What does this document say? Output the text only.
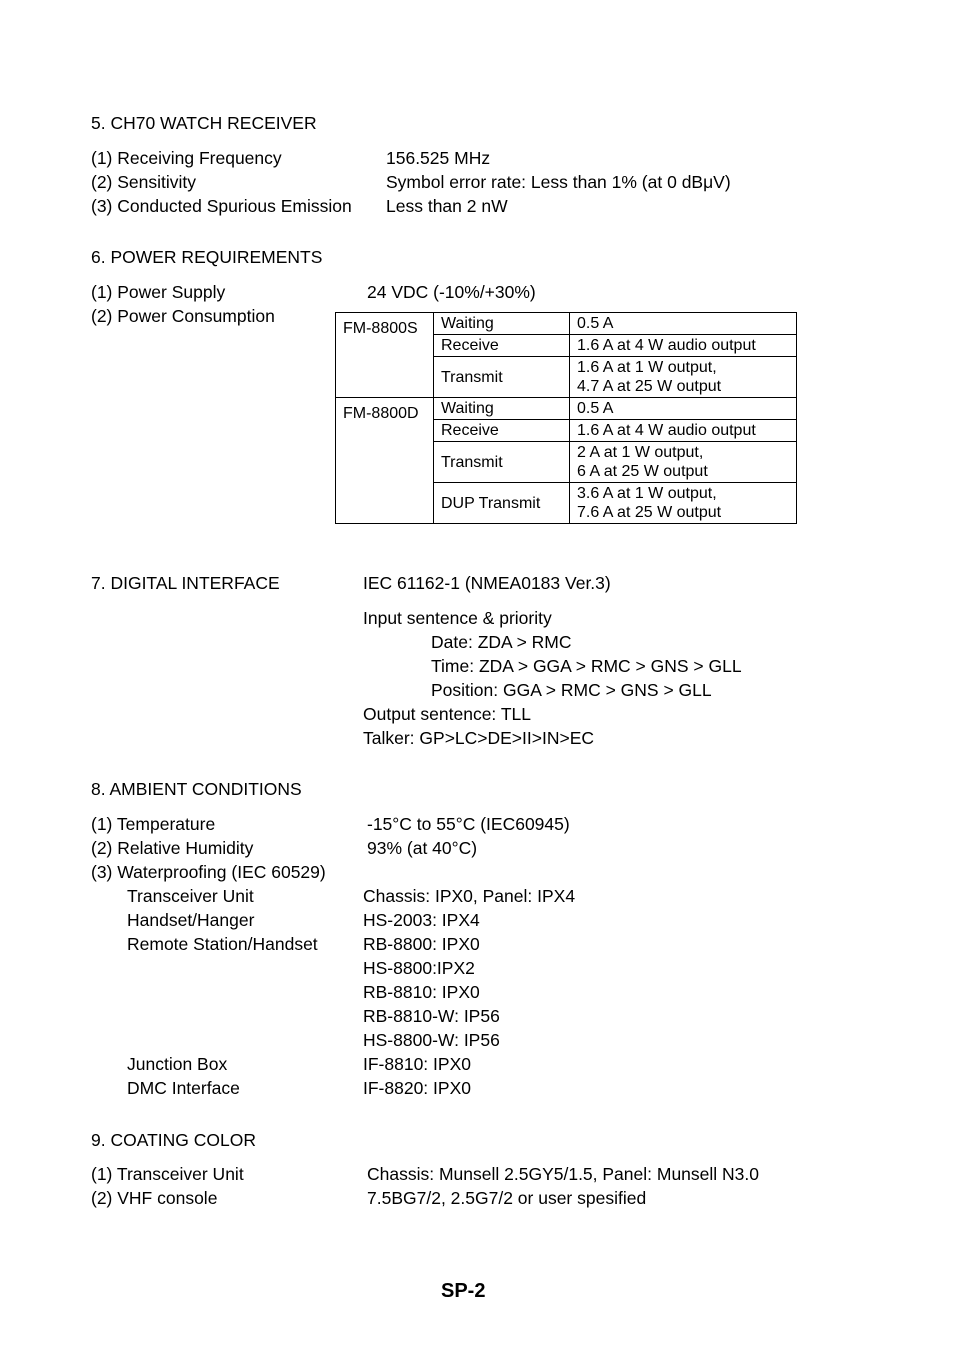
5. CH70 WATCH RECEIVER
(1) Receiving Frequency	156.525 MHz
(2) Sensitivity	Symbol error rate: Less than 1% (at 0 dBμV)
(3) Conducted Spurious Emission Less than 2 nW
6. POWER REQUIREMENTS
(1) Power Supply	24 VDC (-10%/+30%)
(2) Power Consumption
FM-8800S	Waiting	0.5 A
	Receive	1.6 A at 4 W audio output
	Transmit	1.6 A at 1 W output,
4.7 A at 25 W output
FM-8800D	Waiting	0.5 A
	Receive	1.6 A at 4 W audio output
	Transmit	2 A at 1 W output,
6 A at 25 W output
	DUP Transmit	3.6 A at 1 W output,
7.6 A at 25 W output
7. DIGITAL INTERFACE	IEC 61162-1 (NMEA0183 Ver.3)
Input sentence & priority
Date: ZDA > RMC
Time: ZDA > GGA > RMC > GNS > GLL
Position: GGA > RMC > GNS > GLL
Output sentence: TLL
Talker: GP>LC>DE>II>IN>EC
8. AMBIENT CONDITIONS
(1) Temperature	-15°C to 55°C (IEC60945)
(2) Relative Humidity	93% (at 40°C)
(3) Waterproofing (IEC 60529)
Transceiver Unit	Chassis: IPX0, Panel: IPX4
Handset/Hanger	HS-2003: IPX4
Remote Station/Handset	RB-8800: IPX0
HS-8800:IPX2
RB-8810: IPX0
RB-8810-W: IP56
HS-8800-W: IP56
Junction Box	IF-8810: IPX0
DMC Interface	IF-8820: IPX0
9. COATING COLOR
(1) Transceiver Unit	Chassis: Munsell 2.5GY5/1.5, Panel: Munsell N3.0
(2) VHF console	7.5BG7/2, 2.5G7/2 or user spesified
SP-2
